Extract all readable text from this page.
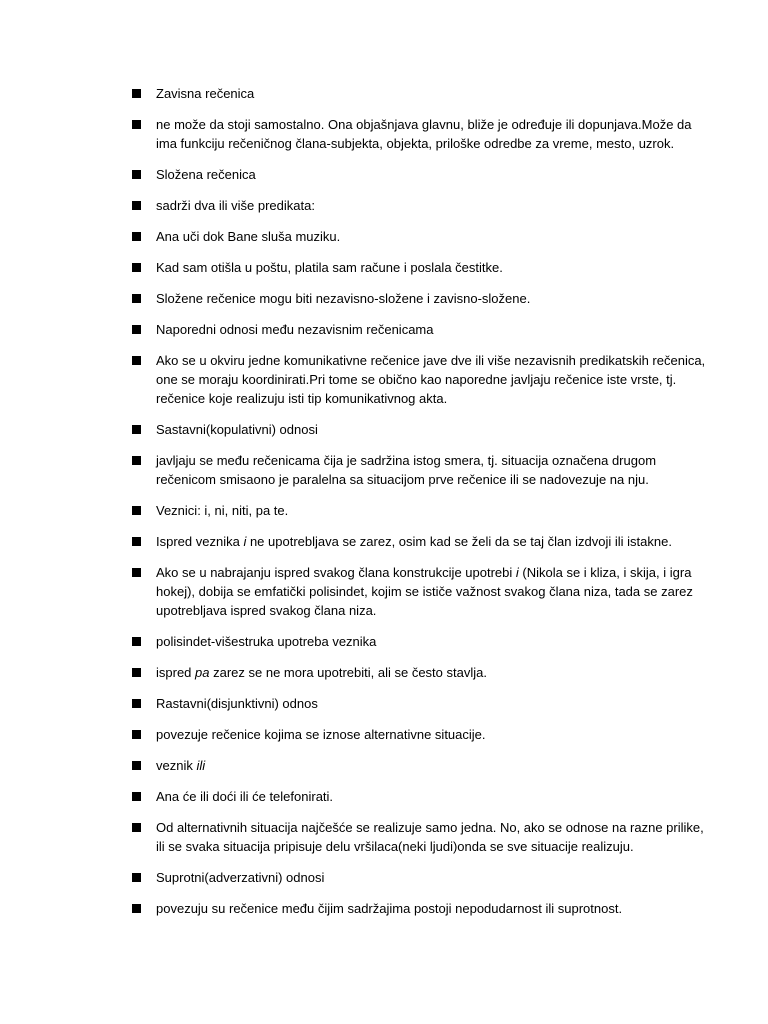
Zavisna rečenica
ne može da stoji samostalno. Ona objašnjava glavnu, bliže je određuje ili dopunjava.Može da ima funkciju rečeničnog člana-subjekta, objekta, priloške odredbe za vreme, mesto, uzrok.
Složena rečenica
sadrži dva ili više predikata:
Ana uči dok Bane sluša muziku.
Kad sam otišla u poštu, platila sam račune i poslala čestitke.
Složene rečenice mogu biti nezavisno-složene i zavisno-složene.
Naporedni odnosi među nezavisnim rečenicama
Ako se u okviru jedne komunikativne rečenice jave dve ili više nezavisnih predikatskih rečenica, one se moraju koordinirati.Pri tome se obično kao naporedne javljaju rečenice iste vrste, tj. rečenice koje realizuju isti tip komunikativnog akta.
Sastavni(kopulativni) odnosi
javljaju se među rečenicama čija je sadržina istog smera, tj. situacija označena drugom rečenicom smisaono je paralelna sa situacijom prve rečenice ili se nadovezuje na nju.
Veznici: i, ni, niti, pa te.
Ispred veznika i ne upotrebljava se zarez, osim kad se želi da se taj član izdvoji ili istakne.
Ako se u nabrajanju ispred svakog člana konstrukcije upotrebi i (Nikola se i kliza, i skija, i igra hokej), dobija se emfatički polisindet, kojim se ističe važnost svakog člana niza, tada se zarez upotrebljava ispred svakog člana niza.
polisindet-višestruka upotreba veznika
ispred pa zarez se ne mora upotrebiti, ali se često stavlja.
Rastavni(disjunktivni) odnos
povezuje rečenice kojima se iznose alternativne situacije.
veznik ili
Ana će ili doći ili će telefonirati.
Od alternativnih situacija najčešće se realizuje samo jedna. No, ako se odnose na razne prilike, ili se svaka situacija pripisuje delu vršilaca(neki ljudi)onda se sve situacije realizuju.
Suprotni(adverzativni) odnosi
povezuju su rečenice među čijim sadržajima postoji nepodudarnost ili suprotnost.
